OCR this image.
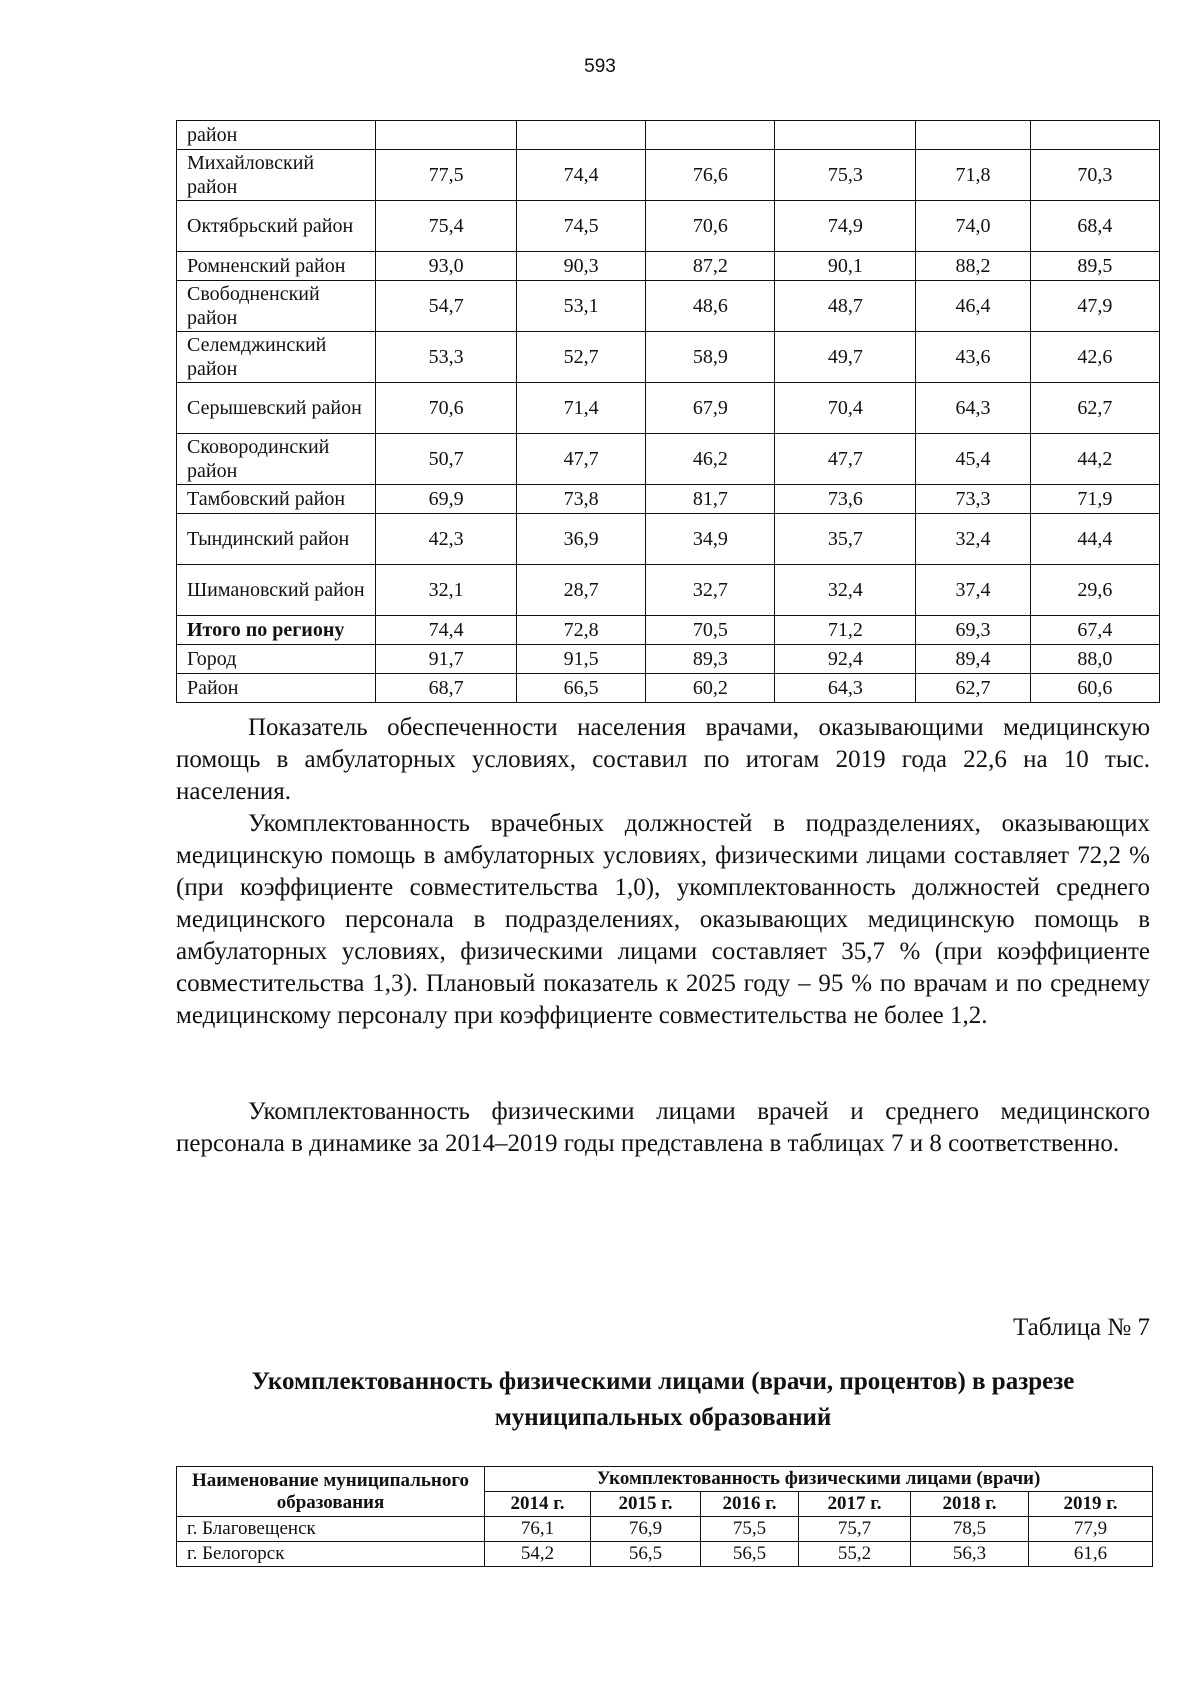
593
район						
Михайловский район	77,5	74,4	76,6	75,3	71,8	70,3
Октябрьский район	75,4	74,5	70,6	74,9	74,0	68,4
Ромненский район	93,0	90,3	87,2	90,1	88,2	89,5
Свободненский район	54,7	53,1	48,6	48,7	46,4	47,9
Селемджинский район	53,3	52,7	58,9	49,7	43,6	42,6
Серышевский район	70,6	71,4	67,9	70,4	64,3	62,7
Сковородинский район	50,7	47,7	46,2	47,7	45,4	44,2
Тамбовский район	69,9	73,8	81,7	73,6	73,3	71,9
Тындинский район	42,3	36,9	34,9	35,7	32,4	44,4
Шимановский район	32,1	28,7	32,7	32,4	37,4	29,6
Итого по региону	74,4	72,8	70,5	71,2	69,3	67,4
Город	91,7	91,5	89,3	92,4	89,4	88,0
Район	68,7	66,5	60,2	64,3	62,7	60,6

Показатель обеспеченности населения врачами, оказывающими медицинскую помощь в амбулаторных условиях, составил по итогам 2019 года 22,6 на 10 тыс. населения.

Укомплектованность врачебных должностей в подразделениях, оказывающих медицинскую помощь в амбулаторных условиях, физическими лицами составляет 72,2 % (при коэффициенте совместительства 1,0), укомплектованность должностей среднего медицинского персонала в подразделениях, оказывающих медицинскую помощь в амбулаторных условиях, физическими лицами составляет 35,7 % (при коэффициенте совместительства 1,3). Плановый показатель к 2025 году – 95 % по врачам и по среднему медицинскому персоналу при коэффициенте совместительства не более 1,2.

Укомплектованность физическими лицами врачей и среднего медицинского персонала в динамике за 2014–2019 годы представлена в таблицах 7 и 8 соответственно.

Таблица № 7
Укомплектованность физическими лицами (врачи, процентов) в разрезе муниципальных образований
Наименование муниципального образования	Укомплектованность физическими лицами (врачи)					
	2014 г.	2015 г.	2016 г.	2017 г.	2018 г.	2019 г.
г. Благовещенск	76,1	76,9	75,5	75,7	78,5	77,9
г. Белогорск	54,2	56,5	56,5	55,2	56,3	61,6
